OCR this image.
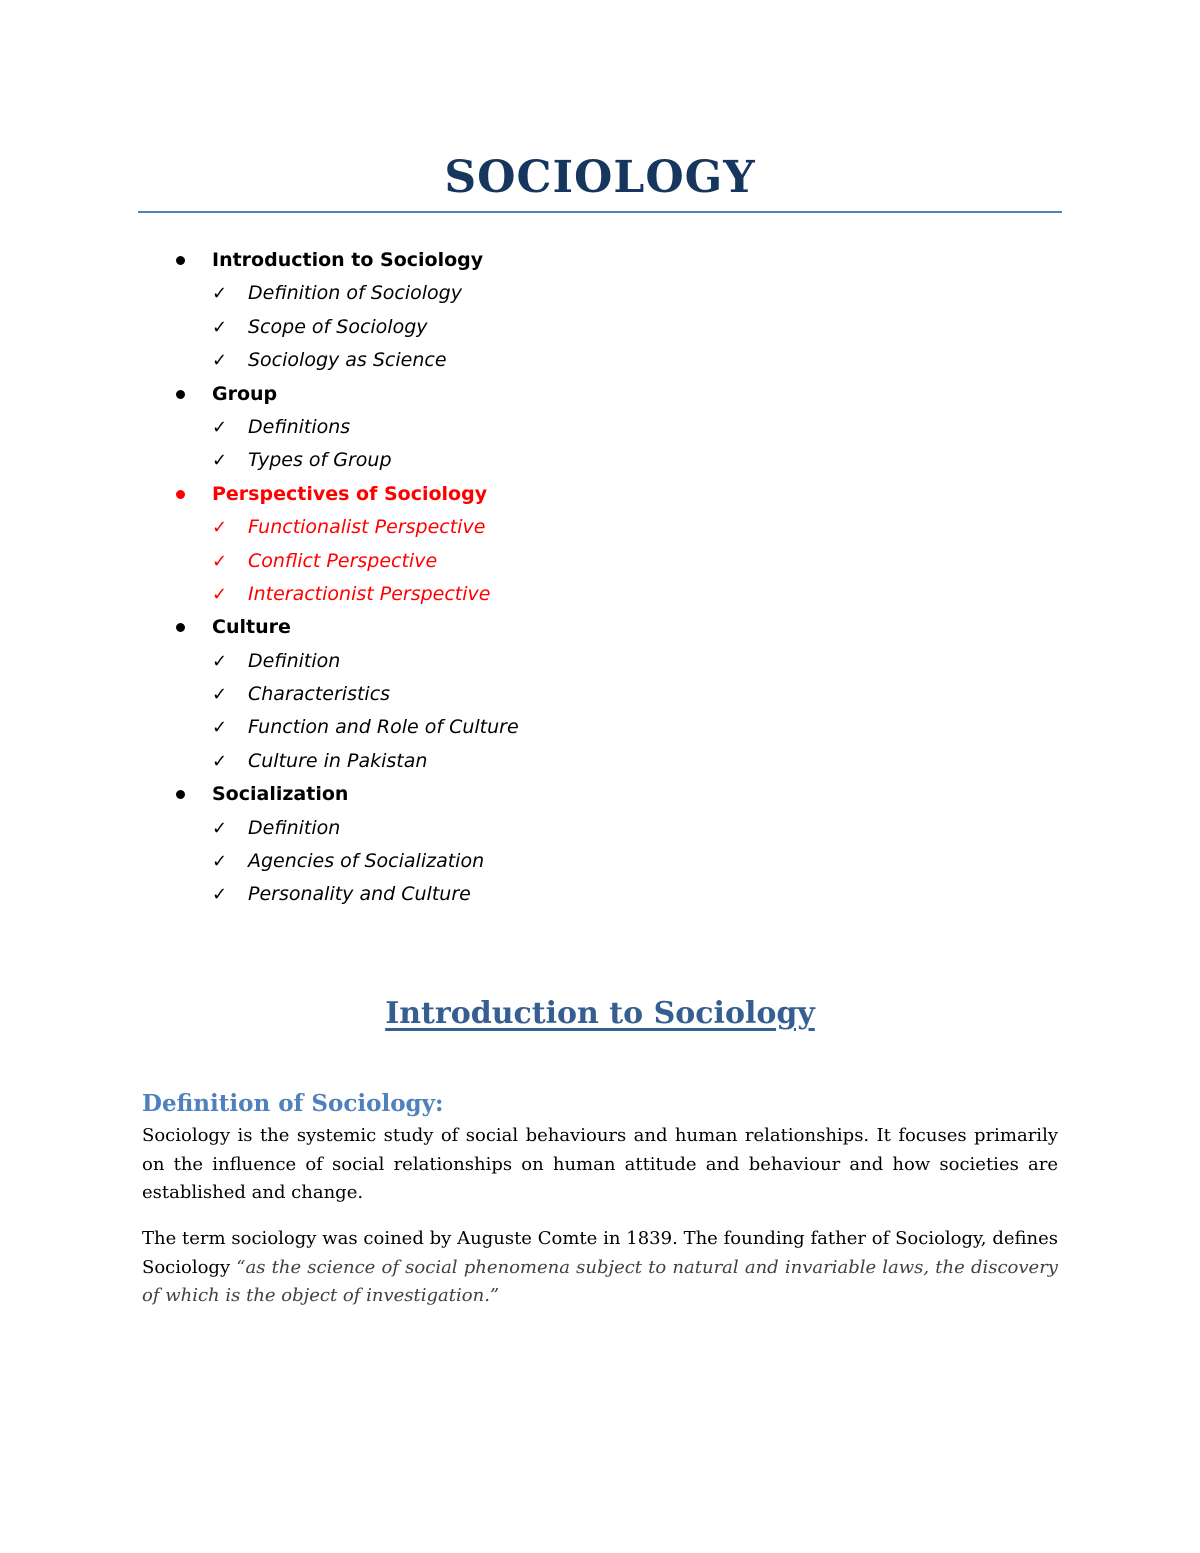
SOCIOLOGY
Introduction to Sociology
✓ Definition of Sociology
✓ Scope of Sociology
✓ Sociology as Science
Group
✓ Definitions
✓ Types of Group
Perspectives of Sociology
✓ Functionalist Perspective
✓ Conflict Perspective
✓ Interactionist Perspective
Culture
✓ Definition
✓ Characteristics
✓ Function and Role of Culture
✓ Culture in Pakistan
Socialization
✓ Definition
✓ Agencies of Socialization
✓ Personality and Culture
Introduction to Sociology
Definition of Sociology:

Sociology is the systemic study of social behaviours and human relationships. It focuses primarily on the influence of social relationships on human attitude and behaviour and how societies are established and change.

The term sociology was coined by Auguste Comte in 1839. The founding father of Sociology, defines Sociology “as the science of social phenomena subject to natural and invariable laws, the discovery of which is the object of investigation.”
